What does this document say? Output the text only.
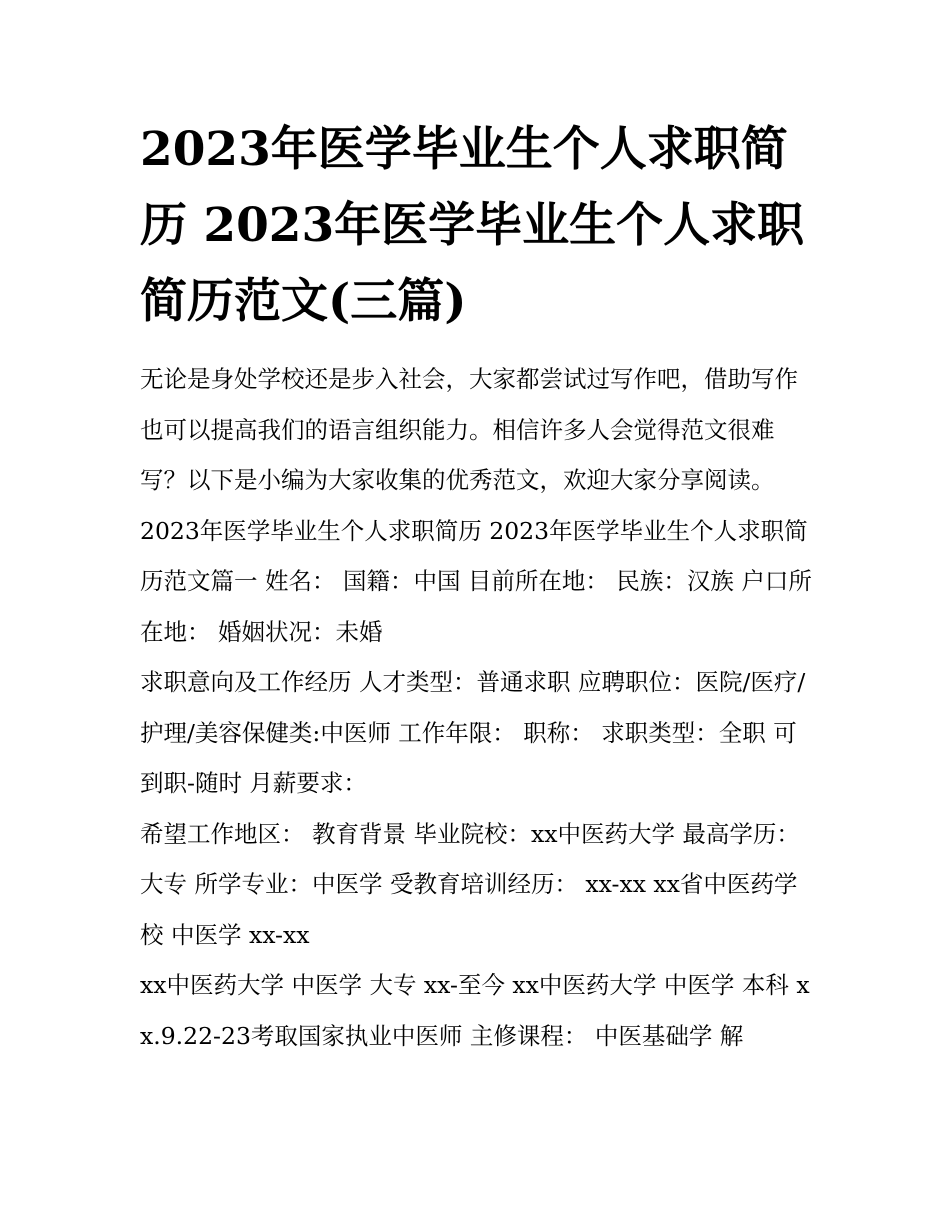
2023年医学毕业生个人求职简历 2023年医学毕业生个人求职简历范文(三篇)

无论是身处学校还是步入社会，大家都尝试过写作吧，借助写作也可以提高我们的语言组织能力。相信许多人会觉得范文很难写？以下是小编为大家收集的优秀范文，欢迎大家分享阅读。

2023年医学毕业生个人求职简历 2023年医学毕业生个人求职简历范文篇一 姓名： 国籍：中国 目前所在地： 民族：汉族 户口所在地： 婚姻状况：未婚

求职意向及工作经历 人才类型：普通求职 应聘职位：医院/医疗/护理/美容保健类:中医师 工作年限： 职称： 求职类型：全职 可到职-随时 月薪要求：

希望工作地区： 教育背景 毕业院校：xx中医药大学 最高学历：大专 所学专业：中医学 受教育培训经历： xx-xx xx省中医药学校 中医学 xx-xx

xx中医药大学 中医学 大专 xx-至今 xx中医药大学 中医学 本科 xx.9.22-23考取国家执业中医师 主修课程： 中医基础学 解
